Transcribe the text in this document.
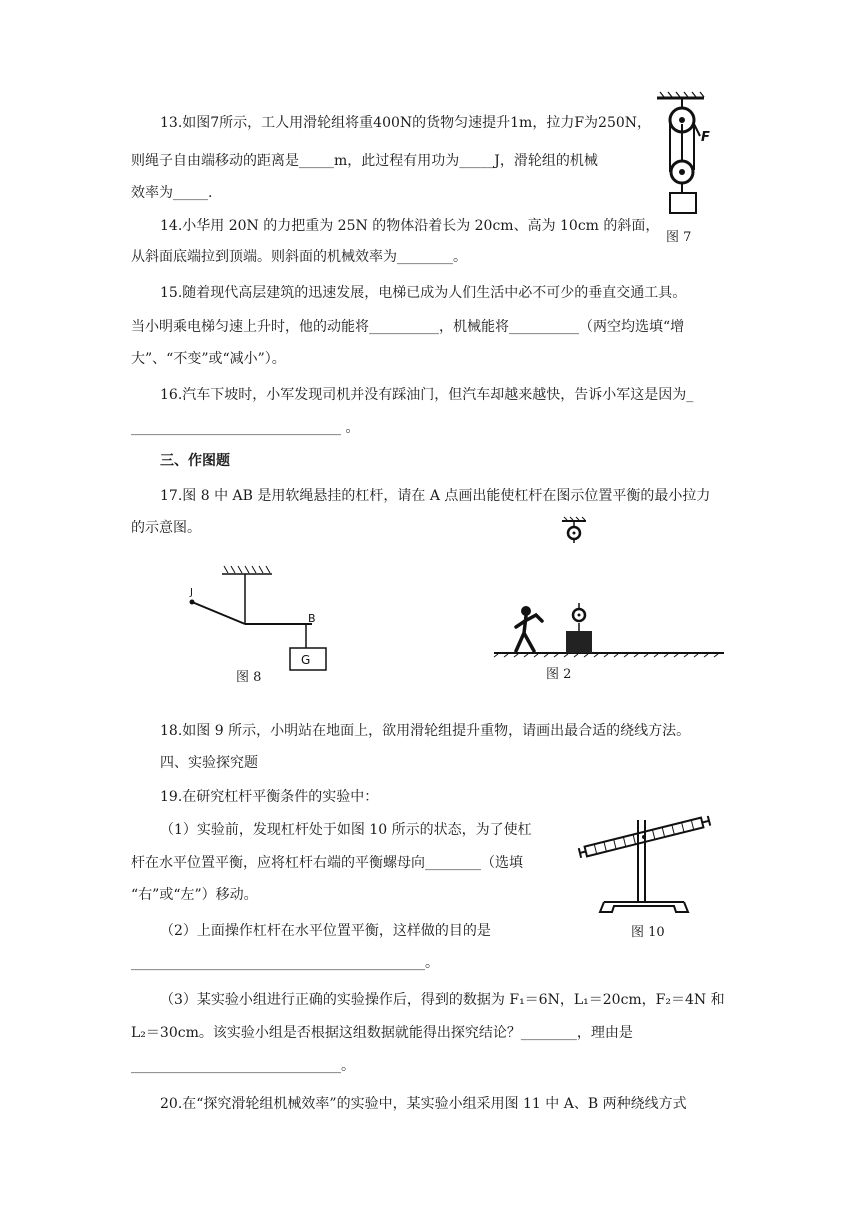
13.如图7所示，工人用滑轮组将重400N的货物匀速提升1m，拉力F为250N，
则绳子自由端移动的距离是_____m，此过程有用功为_____J，滑轮组的机械
效率为_____.
F
图 7
14.小华用 20N 的力把重为 25N 的物体沿着长为 20cm、高为 10cm 的斜面，
从斜面底端拉到顶端。则斜面的机械效率为________。
15.随着现代高层建筑的迅速发展，电梯已成为人们生活中必不可少的垂直交通工具。
当小明乘电梯匀速上升时，他的动能将__________，机械能将__________（两空均选填“增
大”、“不变”或“减小”）。
16.汽车下坡时，小军发现司机并没有踩油门，但汽车却越来越快，告诉小军这是因为_
______________________________ 。
三、作图题
17.图 8 中 AB 是用软绳悬挂的杠杆，请在 A 点画出能使杠杆在图示位置平衡的最小拉力
的示意图。
J
B
G
图 8	图 2
18.如图 9 所示，小明站在地面上，欲用滑轮组提升重物，请画出最合适的绕线方法。
四、实验探究题
19.在研究杠杆平衡条件的实验中：
（1）实验前，发现杠杆处于如图 10 所示的状态，为了使杠
杆在水平位置平衡，应将杠杆右端的平衡螺母向________（选填
“右”或“左”）移动。
（2）上面操作杠杆在水平位置平衡，这样做的目的是
__________________________________________。
（3）某实验小组进行正确的实验操作后，得到的数据为 F₁＝6N，L₁＝20cm，F₂＝4N 和
L₂＝30cm。该实验小组是否根据这组数据就能得出探究结论？________，理由是
______________________________。
图 10
20.在“探究滑轮组机械效率”的实验中，某实验小组采用图 11 中 A、B 两种绕线方式
